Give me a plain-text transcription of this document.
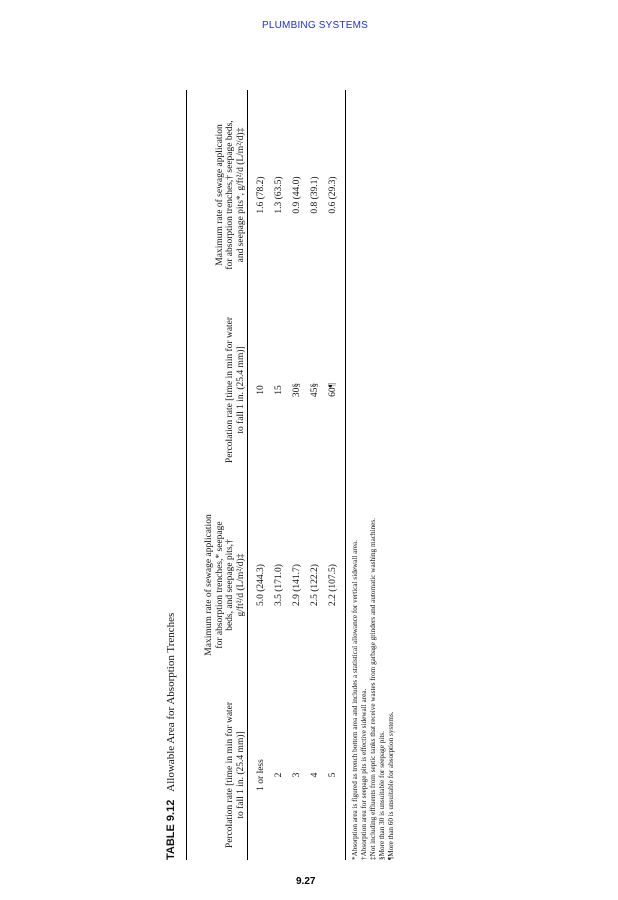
PLUMBING SYSTEMS
TABLE 9.12Allowable Area for Absorption Trenches	Percolation rate [time in min for water to fall 1 in. (25.4 mm)]
Maximum rate of sewage application for absorption trenches,* seepage beds, and seepage pits,† g/ft²/d (L/m²/d)‡
Percolation rate [time in min for water to fall 1 in. (25.4 mm)]
Maximum rate of sewage application for absorption trenches,† seepage beds, and seepage pits*, g/ft²/d (L/m²/d)‡
1 or less
5.0 (244.3)
10
1.6 (78.2)
2
3.5 (171.0)
15
1.3 (63.5)
3
2.9 (141.7)
30§
0.9 (44.0)
4
2.5 (122.2)
45§
0.8 (39.1)
5
2.2 (107.5)
60¶
0.6 (29.3)
*Absorption area is figured as trench bottom area and includes a statistical allowance for vertical sidewall area. †Absorption area for seepage pits is effective sidewall area. ‡Not including effluents from septic tanks that receive wastes from garbage grinders and automatic washing machines. §More than 30 is unsuitable for seepage pits. ¶More than 60 is unsuitable for absorption systems.
9.27
